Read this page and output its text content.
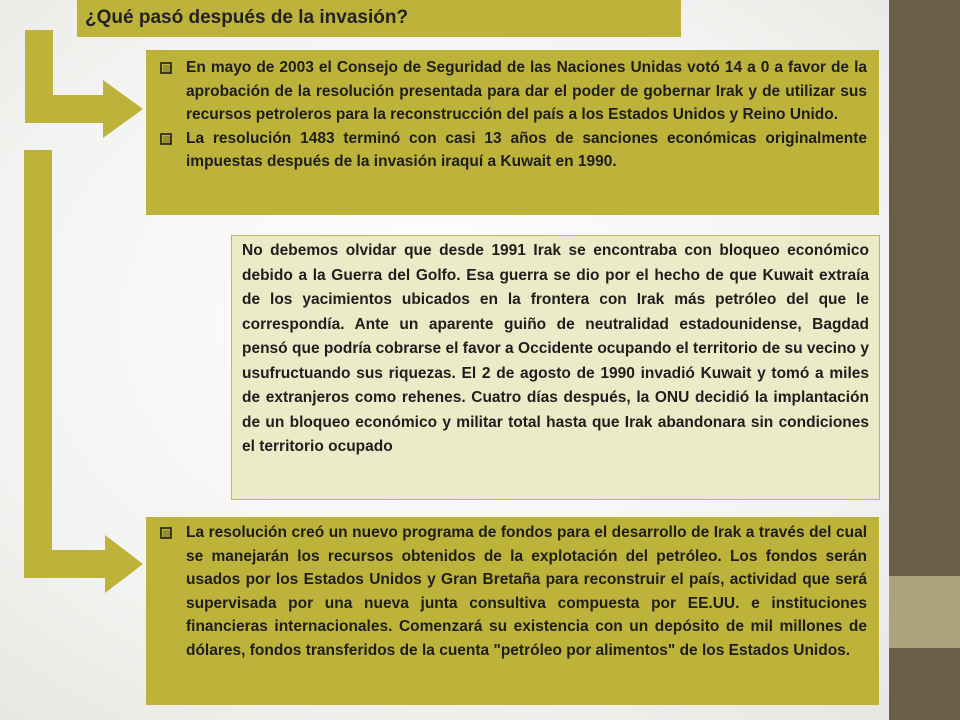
¿Qué pasó después de la invasión?
En mayo de 2003 el Consejo de Seguridad de las Naciones Unidas votó 14 a 0 a favor de la aprobación de la resolución presentada para dar el poder de gobernar Irak y de utilizar sus recursos petroleros para la reconstrucción del país a los Estados Unidos y Reino Unido.
La resolución 1483 terminó con casi 13 años de sanciones económicas originalmente impuestas después de la invasión iraquí a Kuwait en 1990.
No debemos olvidar que desde 1991 Irak se encontraba con bloqueo económico debido a la Guerra del Golfo. Esa guerra se dio por el hecho de que Kuwait extraía de los yacimientos ubicados en la frontera con Irak más petróleo del que le correspondía. Ante un aparente guiño de neutralidad estadounidense, Bagdad pensó que podría cobrarse el favor a Occidente ocupando el territorio de su vecino y usufructuando sus riquezas. El 2 de agosto de 1990 invadió Kuwait y tomó a miles de extranjeros como rehenes. Cuatro días después, la ONU decidió la implantación de un bloqueo económico y militar total hasta que Irak abandonara sin condiciones el territorio ocupado
La resolución creó un nuevo programa de fondos para el desarrollo de Irak a través del cual se manejarán los recursos obtenidos de la explotación del petróleo. Los fondos serán usados por los Estados Unidos y Gran Bretaña para reconstruir el país, actividad que será supervisada por una nueva junta consultiva compuesta por EE.UU. e instituciones financieras internacionales. Comenzará su existencia con un depósito de mil millones de dólares, fondos transferidos de la cuenta "petróleo por alimentos" de los Estados Unidos.
